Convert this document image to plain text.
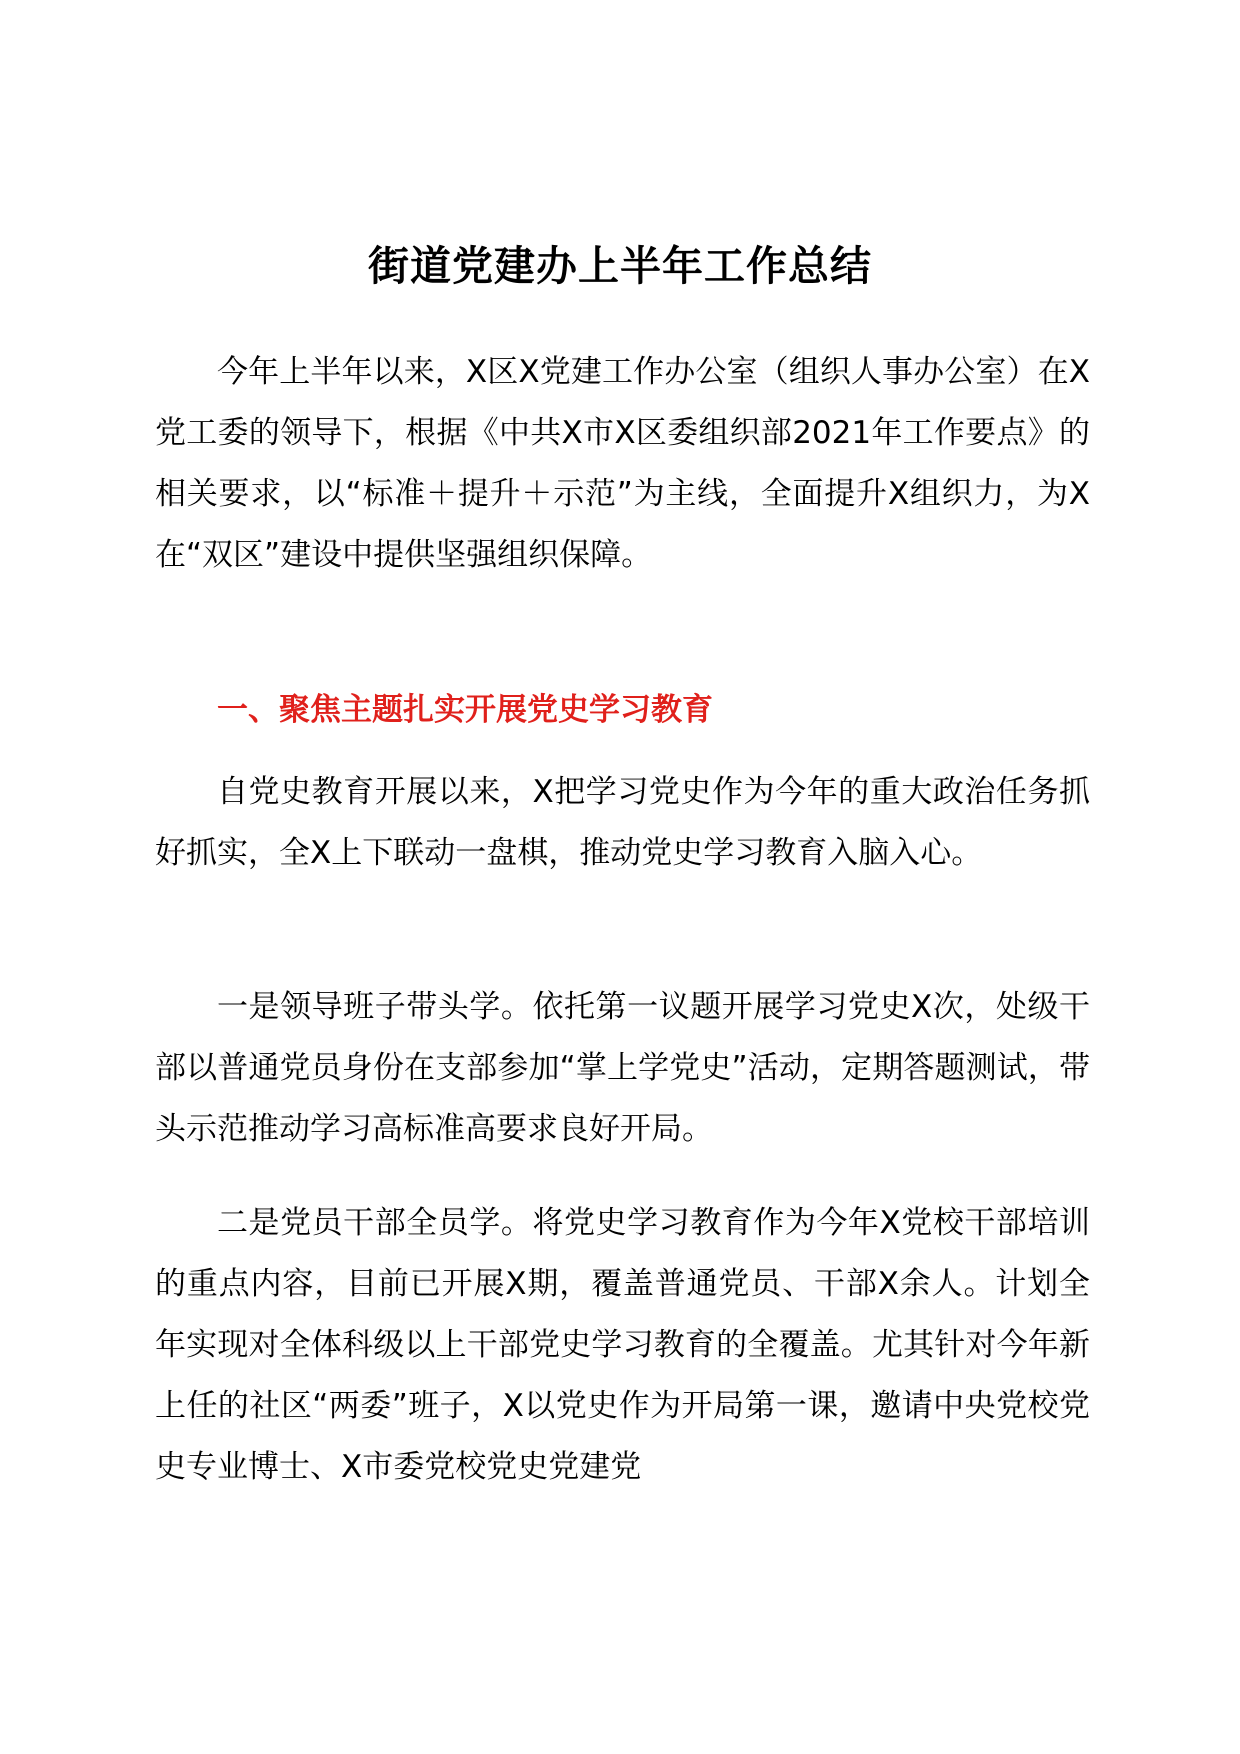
街道党建办上半年工作总结

今年上半年以来，X区X党建工作办公室（组织人事办公室）在X党工委的领导下，根据《中共X市X区委组织部2021年工作要点》的相关要求，以“标准＋提升＋示范”为主线，全面提升X组织力，为X在“双区”建设中提供坚强组织保障。

一、聚焦主题扎实开展党史学习教育

自党史教育开展以来，X把学习党史作为今年的重大政治任务抓好抓实，全X上下联动一盘棋，推动党史学习教育入脑入心。

一是领导班子带头学。依托第一议题开展学习党史X次，处级干部以普通党员身份在支部参加“掌上学党史”活动，定期答题测试，带头示范推动学习高标准高要求良好开局。

二是党员干部全员学。将党史学习教育作为今年X党校干部培训的重点内容，目前已开展X期，覆盖普通党员、干部X余人。计划全年实现对全体科级以上干部党史学习教育的全覆盖。尤其针对今年新上任的社区“两委”班子，X以党史作为开局第一课，邀请中央党校党史专业博士、X市委党校党史党建党
